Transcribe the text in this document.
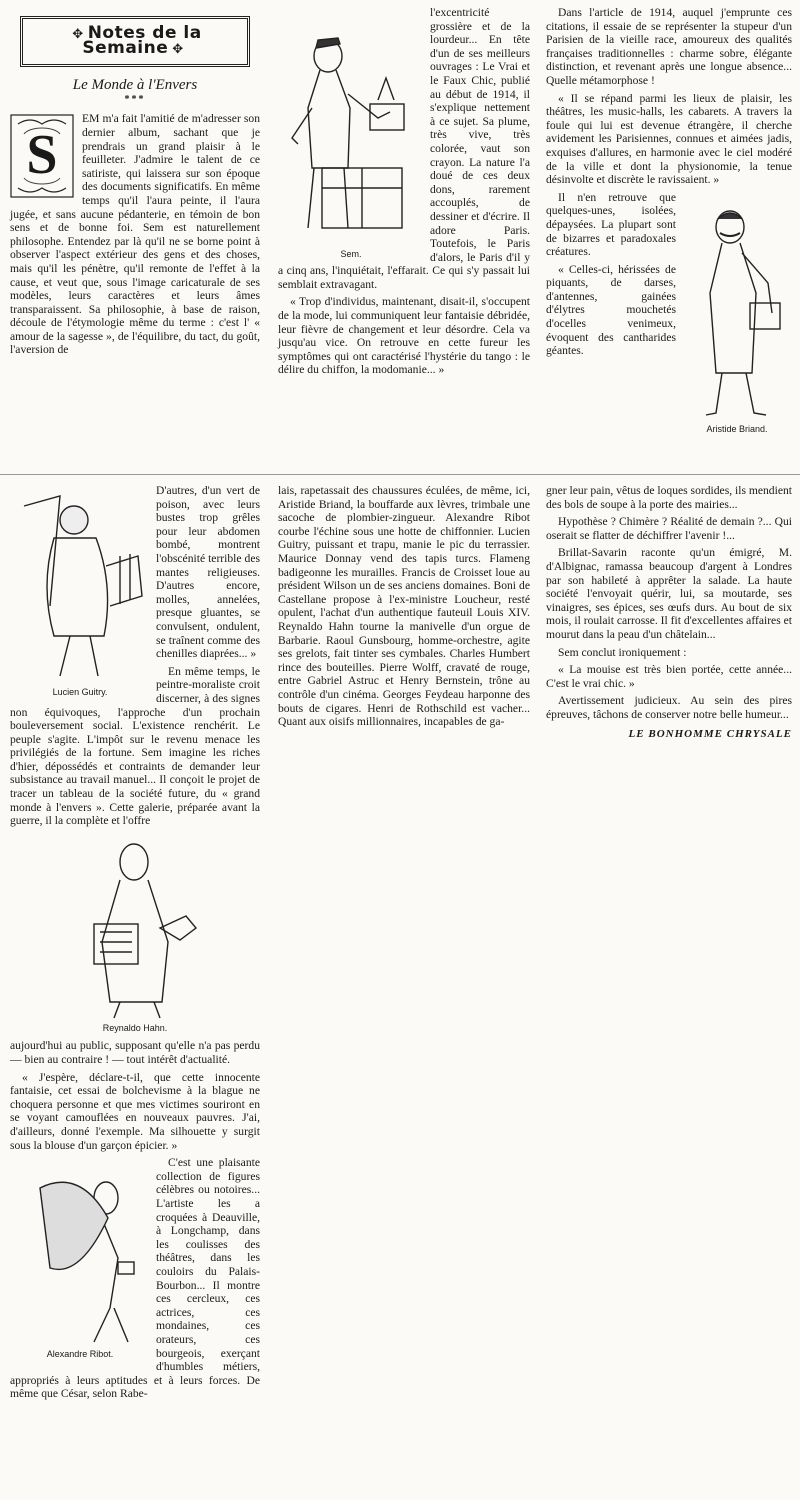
✥ Notes de la Semaine ✥
Le Monde à l'Envers
***
S

EM m'a fait l'amitié de m'adresser son dernier album, sachant que je prendrais un grand plaisir à le feuilleter. J'admire le talent de ce satiriste, qui laissera sur son époque des documents significatifs. En même temps qu'il l'aura peinte, il l'aura jugée, et sans aucune pédanterie, en témoin de bon sens et de bonne foi. Sem est naturellement philosophe. Entendez par là qu'il ne se borne point à observer l'aspect extérieur des gens et des choses, mais qu'il les pénètre, qu'il remonte de l'effet à la cause, et veut que, sous l'image caricaturale de ses modèles, leurs caractères et leurs âmes transparaissent. Sa philosophie, à base de raison, découle de l'étymologie même du terme : c'est l' « amour de la sagesse », de l'équilibre, du tact, du goût, l'aversion de

Sem.

l'excentricité grossière et de la lourdeur... En tête d'un de ses meilleurs ouvrages : Le Vrai et le Faux Chic, publié au début de 1914, il s'explique nettement à ce sujet. Sa plume, très vive, très colorée, vaut son crayon. La nature l'a doué de ces deux dons, rarement accouplés, de dessiner et d'écrire. Il adore Paris. Toutefois, le Paris d'alors, le Paris d'il y a cinq ans, l'inquiétait, l'effarait. Ce qui s'y passait lui semblait extravagant.

« Trop d'individus, maintenant, disait-il, s'occupent de la mode, lui communiquent leur fantaisie débridée, leur fièvre de changement et leur désordre. Cela va jusqu'au vice. On retrouve en cette fureur les symptômes qui ont caractérisé l'hystérie du tango : le délire du chiffon, la modomanie... »

Dans l'article de 1914, auquel j'emprunte ces citations, il essaie de se représenter la stupeur d'un Parisien de la vieille race, amoureux des qualités françaises traditionnelles : charme sobre, élégante distinction, et revenant après une longue absence... Quelle métamorphose !

« Il se répand parmi les lieux de plaisir, les théâtres, les music-halls, les cabarets. A travers la foule qui lui est devenue étrangère, il cherche avidement les Parisiennes, connues et aimées jadis, exquises d'allures, en harmonie avec le ciel modéré de la ville et dont la physionomie, la tenue désinvolte et discrète le ravissaient. »

Aristide Briand.

Il n'en retrouve que quelques-unes, isolées, dépaysées. La plupart sont de bizarres et paradoxales créatures.

« Celles-ci, hérissées de piquants, de darses, d'antennes, gainées d'élytres mouchetés d'ocelles venimeux, évoquent des cantharides géantes.

Lucien Guitry.

D'autres, d'un vert de poison, avec leurs bustes trop grêles pour leur abdomen bombé, montrent l'obscénité terrible des mantes religieuses. D'autres encore, molles, annelées, presque gluantes, se convulsent, ondulent, se traînent comme des chenilles diaprées... »

En même temps, le peintre-moraliste croit discerner, à des signes non équivoques, l'approche d'un prochain bouleversement social. L'existence renchérit. Le peuple s'agite. L'impôt sur le revenu menace les privilégiés de la fortune. Sem imagine les riches d'hier, dépossédés et contraints de demander leur subsistance au travail manuel... Il conçoit le projet de tracer un tableau de la société future, du « grand monde à l'envers ». Cette galerie, préparée avant la guerre, il la complète et l'offre

Reynaldo Hahn.

aujourd'hui au public, supposant qu'elle n'a pas perdu — bien au contraire ! — tout intérêt d'actualité.

« J'espère, déclare-t-il, que cette innocente fantaisie, cet essai de bolchevisme à la blague ne choquera personne et que mes victimes souriront en se voyant camouflées en nouveaux pauvres. J'ai, d'ailleurs, donné l'exemple. Ma silhouette y surgit sous la blouse d'un garçon épicier. »

Alexandre Ribot.

C'est une plaisante collection de figures célèbres ou notoires... L'artiste les a croquées à Deauville, à Longchamp, dans les coulisses des théâtres, dans les couloirs du Palais-Bourbon... Il montre ces cercleux, ces actrices, ces mondaines, ces orateurs, ces bourgeois, exerçant d'humbles métiers, appropriés à leurs aptitudes et à leurs forces. De même que César, selon Rabe-

lais, rapetassait des chaussures éculées, de même, ici, Aristide Briand, la bouffarde aux lèvres, trimbale une sacoche de plombier-zingueur. Alexandre Ribot courbe l'échine sous une hotte de chiffonnier. Lucien Guitry, puissant et trapu, manie le pic du terrassier. Maurice Donnay vend des tapis turcs. Flameng badigeonne les murailles. Francis de Croisset loue au président Wilson un de ses anciens domaines. Boni de Castellane propose à l'ex-ministre Loucheur, resté opulent, l'achat d'un authentique fauteuil Louis XIV. Reynaldo Hahn tourne la manivelle d'un orgue de Barbarie. Raoul Gunsbourg, homme-orchestre, agite ses grelots, fait tinter ses cymbales. Charles Humbert rince des bouteilles. Pierre Wolff, cravaté de rouge, entre Gabriel Astruc et Henry Bernstein, trône au contrôle d'un cinéma. Georges Feydeau harponne des bouts de cigares. Henri de Rothschild est vacher... Quant aux oisifs millionnaires, incapables de ga-

gner leur pain, vêtus de loques sordides, ils mendient des bols de soupe à la porte des mairies...

Hypothèse ? Chimère ? Réalité de demain ?... Qui oserait se flatter de déchiffrer l'avenir !...

Brillat-Savarin raconte qu'un émigré, M. d'Albignac, ramassa beaucoup d'argent à Londres par son habileté à apprêter la salade. La haute société l'envoyait quérir, lui, sa moutarde, ses vinaigres, ses épices, ses œufs durs. Au bout de six mois, il roulait carrosse. Il fit d'excellentes affaires et mourut dans la peau d'un châtelain...

Sem conclut ironiquement :

« La mouise est très bien portée, cette année... C'est le vrai chic. »

Avertissement judicieux. Au sein des pires épreuves, tâchons de conserver notre belle humeur...

LE BONHOMME CHRYSALE
